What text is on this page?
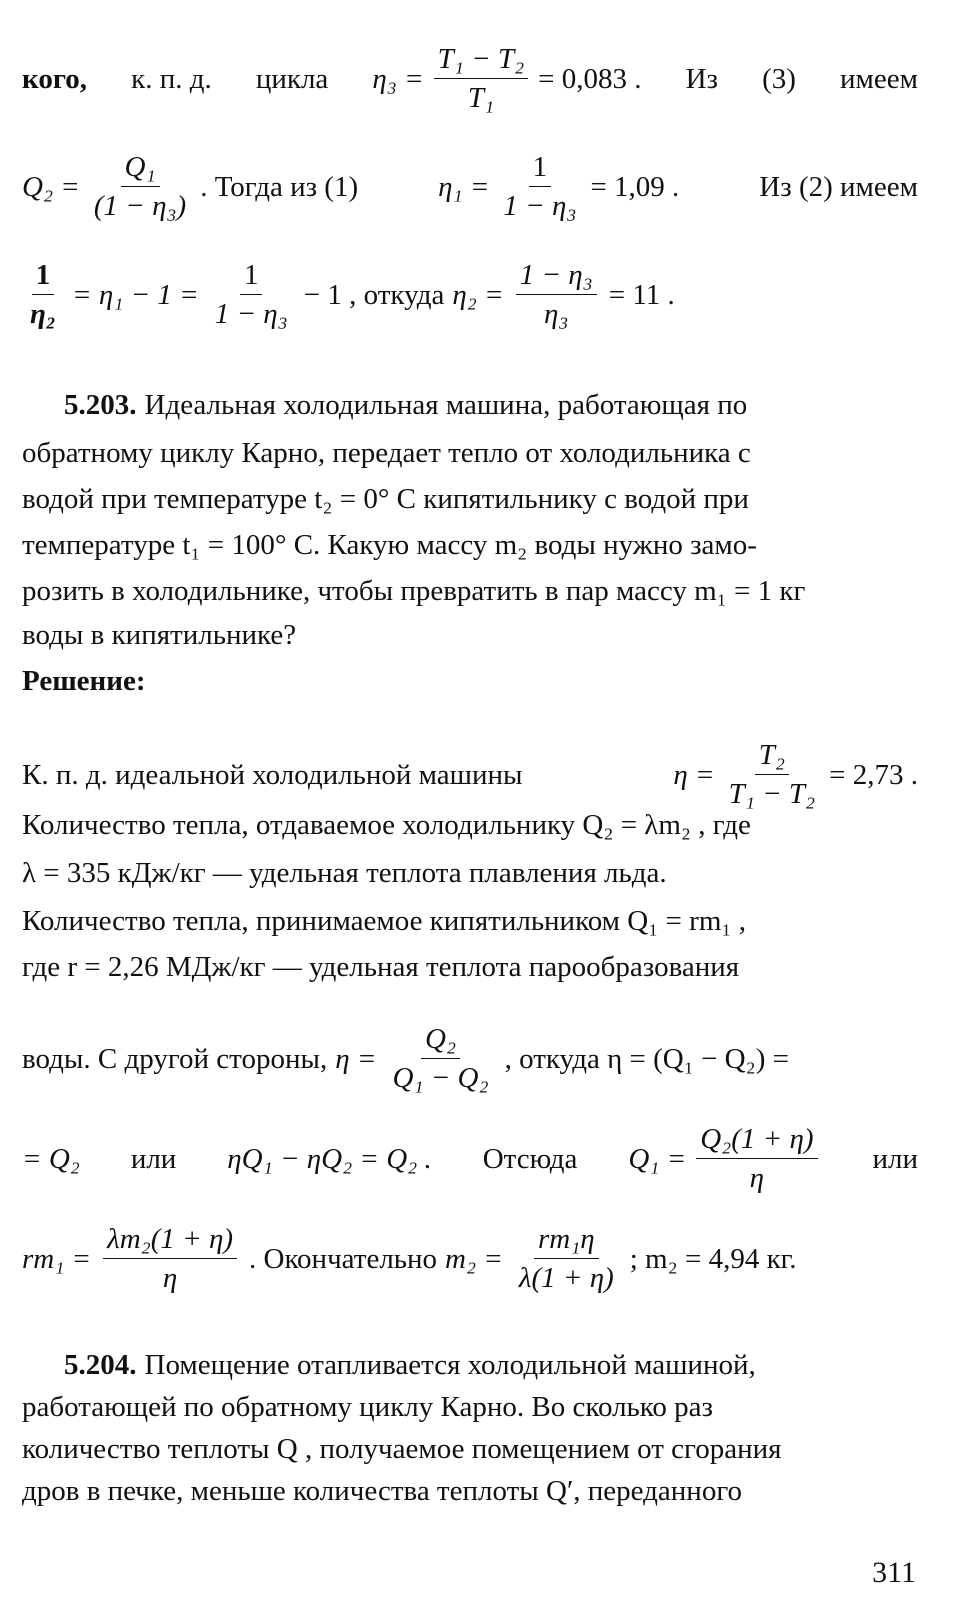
кого, к. п. д. цикла $\eta_3 = \frac{\text{T₁ − T₂}}{\text{T₁}} = 0,083$ . Из (3) имеем
$Q_2 = \frac{\text{Q₁}}{\text{(1 − η₃)}}$ . Тогда из (1)	$\eta_1 = \frac{1}{\text{1 − η₃}} = 1,09$ .	Из (2) имеем
$\frac{1}{\text{η₂}} = \eta_1 - 1 = \frac{1}{\text{1 − η₃}} - 1$ , откуда $\eta_2 = \frac{\text{1 − η₃}}{\text{η₃}} = 11$ .
5.203. Идеальная холодильная машина, работающая по
обратному циклу Карно, передает тепло от холодильника с
водой при температуре t₂ = 0° С кипятильнику с водой при
температуре t₁ = 100° С. Какую массу m₂ воды нужно замо-
розить в холодильнике, чтобы превратить в пар массу m₁ = 1 кг
воды в кипятильнике?
Решение:
К. п. д. идеальной холодильной машины	$\eta = \frac{\text{T₂}}{\text{T₁ − T₂}} = 2,73$ .
Количество тепла, отдаваемое холодильнику Q₂ = λm₂ , где
λ = 335 кДж/кг — удельная теплота плавления льда.
Количество тепла, принимаемое кипятильником Q₁ = rm₁ ,
где r = 2,26 МДж/кг — удельная теплота парообразования
воды. С другой стороны, $\eta = \frac{\text{Q₂}}{\text{Q₁ − Q₂}}$ , откуда η = (Q₁ − Q₂) =
= Q₂ или ηQ₁ − ηQ₂ = Q₂ . Отсюда $Q_1 = \frac{\text{Q₂(1 + η)}}{\eta}$ или
$rm_1 = \frac{\text{λm₂(1 + η)}}{\eta}$ . Окончательно $m_2 = \frac{\text{rm₁η}}{\lambda(1 + \eta)}$ ; m₂ = 4,94 кг.
5.204. Помещение отапливается холодильной машиной,
работающей по обратному циклу Карно. Во сколько раз
количество теплоты Q , получаемое помещением от сгорания
дров в печке, меньше количества теплоты Q′, переданного
311
